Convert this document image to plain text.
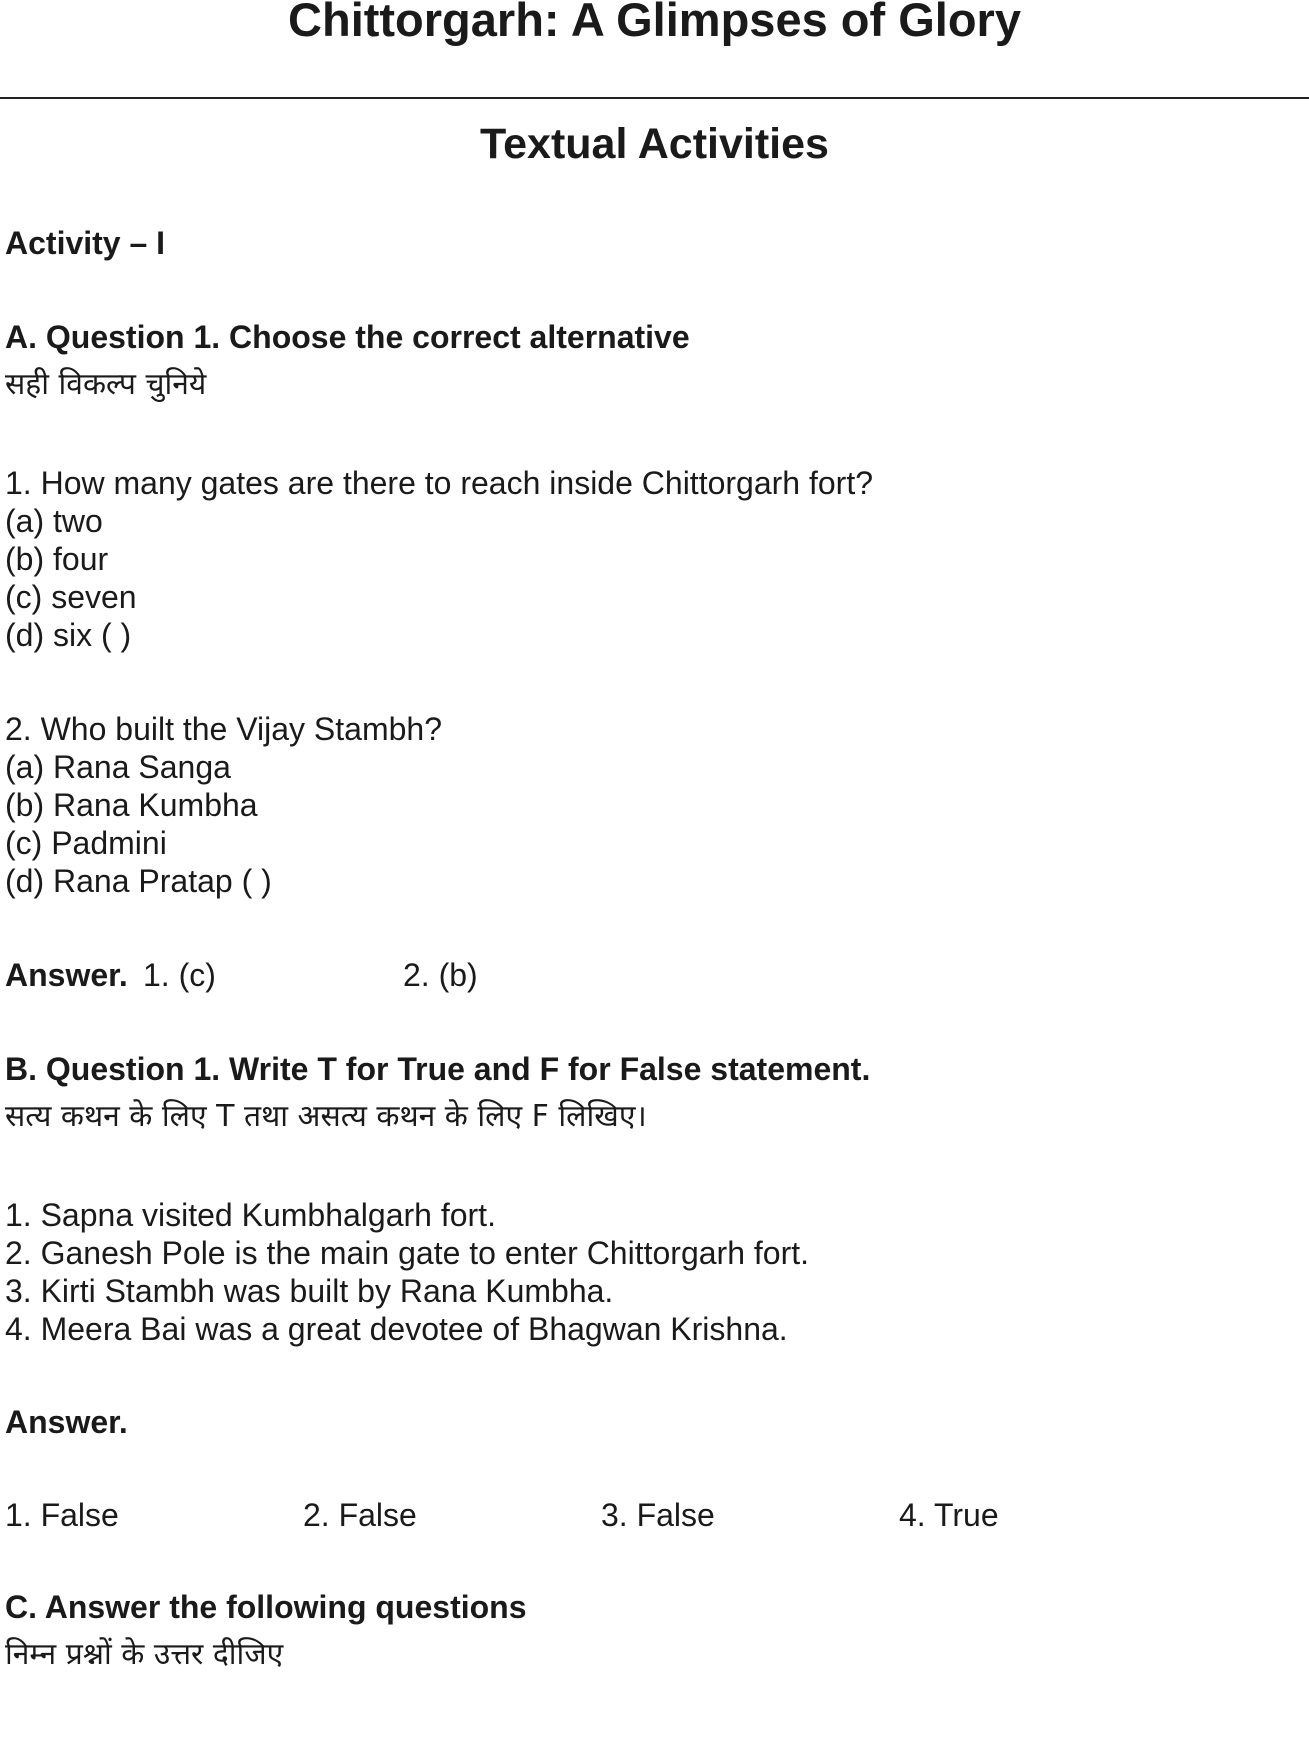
Chittorgarh: A Glimpses of Glory
Textual Activities

Activity – I

A. Question 1. Choose the correct alternative

सही विकल्प चुनिये

1. How many gates are there to reach inside Chittorgarh fort?

(a) two

(b) four

(c) seven

(d) six ( )

2. Who built the Vijay Stambh?

(a) Rana Sanga

(b) Rana Kumbha

(c) Padmini

(d) Rana Pratap ( )

Answer. 1. (c)	2. (b)

B. Question 1. Write T for True and F for False statement.

सत्य कथन के लिए T तथा असत्य कथन के लिए F लिखिए।

1. Sapna visited Kumbhalgarh fort.

2. Ganesh Pole is the main gate to enter Chittorgarh fort.

3. Kirti Stambh was built by Rana Kumbha.

4. Meera Bai was a great devotee of Bhagwan Krishna.

Answer.

1. False	2. False	3. False	4. True

C. Answer the following questions

निम्न प्रश्नों के उत्तर दीजिए
